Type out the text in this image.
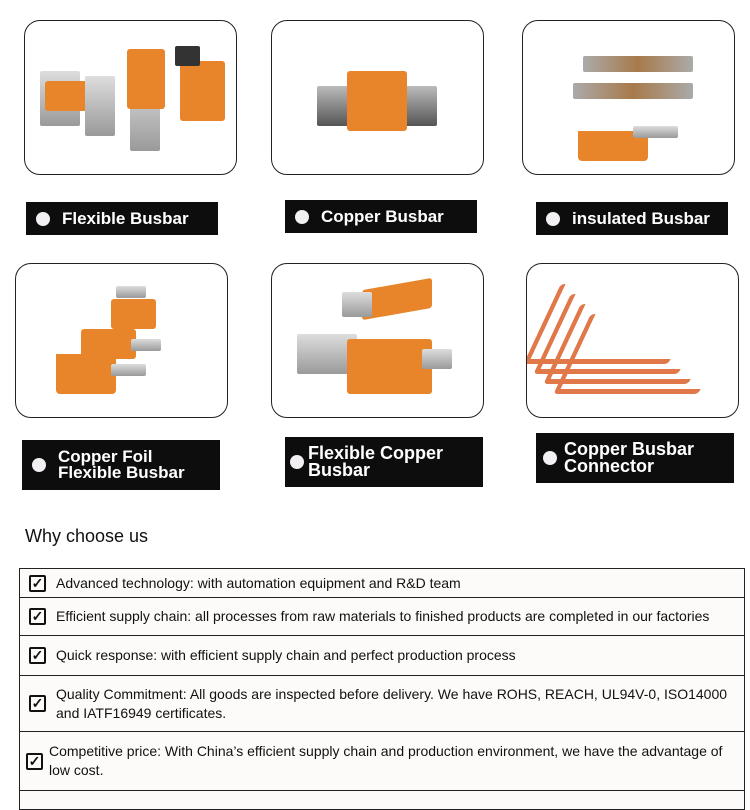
Flexible Busbar	Copper Busbar	insulated Busbar
Copper Foil Flexible Busbar
Flexible Copper Busbar
Copper Busbar Connector
Why choose us
✓ Advanced technology: with automation equipment and R&D team
✓ Efficient supply chain: all processes from raw materials to finished products are completed in our factories
✓ Quick response: with efficient supply chain and perfect production process
✓
Quality Commitment: All goods are inspected before delivery. We have ROHS, REACH, UL94V-0, ISO14000 and IATF16949 certificates.
✓
Competitive price: With China’s efficient supply chain and production environment, we have the advantage of low cost.
